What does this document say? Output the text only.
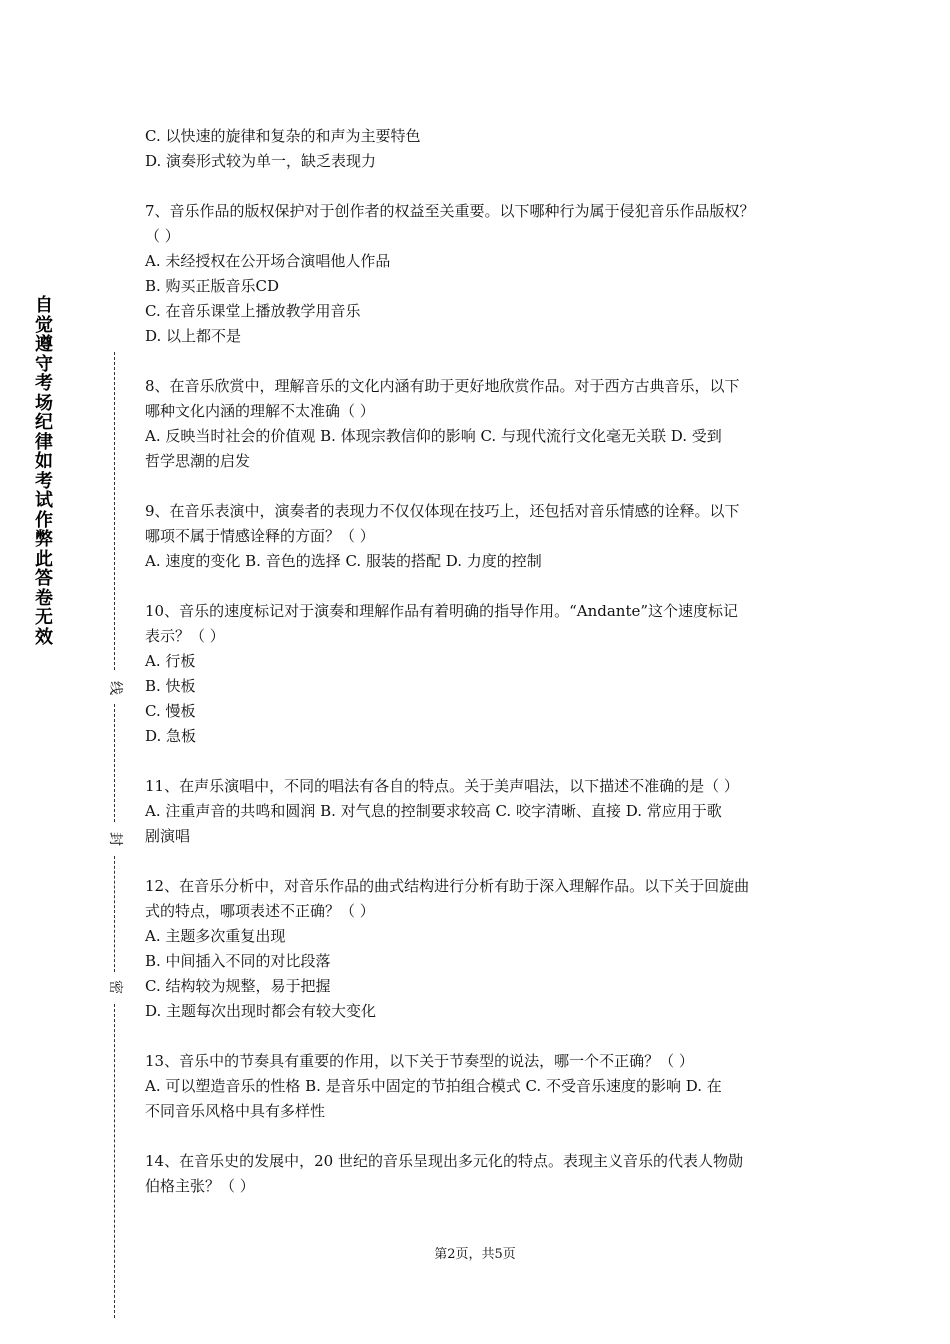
自觉遵守考场纪律如考试作弊此答卷无效
线
封
密

C. 以快速的旋律和复杂的和声为主要特色

D. 演奏形式较为单一，缺乏表现力

7、音乐作品的版权保护对于创作者的权益至关重要。以下哪种行为属于侵犯音乐作品版权？

（ ）

A. 未经授权在公开场合演唱他人作品

B. 购买正版音乐CD

C. 在音乐课堂上播放教学用音乐

D. 以上都不是

8、在音乐欣赏中，理解音乐的文化内涵有助于更好地欣赏作品。对于西方古典音乐，以下

哪种文化内涵的理解不太准确（ ）

A. 反映当时社会的价值观 B. 体现宗教信仰的影响 C. 与现代流行文化毫无关联 D. 受到

哲学思潮的启发

9、在音乐表演中，演奏者的表现力不仅仅体现在技巧上，还包括对音乐情感的诠释。以下

哪项不属于情感诠释的方面？（ ）

A. 速度的变化 B. 音色的选择 C. 服装的搭配 D. 力度的控制

10、音乐的速度标记对于演奏和理解作品有着明确的指导作用。“Andante”这个速度标记

表示？（ ）

A. 行板

B. 快板

C. 慢板

D. 急板

11、在声乐演唱中，不同的唱法有各自的特点。关于美声唱法，以下描述不准确的是（ ）

A. 注重声音的共鸣和圆润 B. 对气息的控制要求较高 C. 咬字清晰、直接 D. 常应用于歌

剧演唱

12、在音乐分析中，对音乐作品的曲式结构进行分析有助于深入理解作品。以下关于回旋曲

式的特点，哪项表述不正确？（ ）

A. 主题多次重复出现

B. 中间插入不同的对比段落

C. 结构较为规整，易于把握

D. 主题每次出现时都会有较大变化

13、音乐中的节奏具有重要的作用，以下关于节奏型的说法，哪一个不正确？（ ）

A. 可以塑造音乐的性格 B. 是音乐中固定的节拍组合模式 C. 不受音乐速度的影响 D. 在

不同音乐风格中具有多样性

14、在音乐史的发展中，20 世纪的音乐呈现出多元化的特点。表现主义音乐的代表人物勋

伯格主张？（ ）

第2页，共5页
